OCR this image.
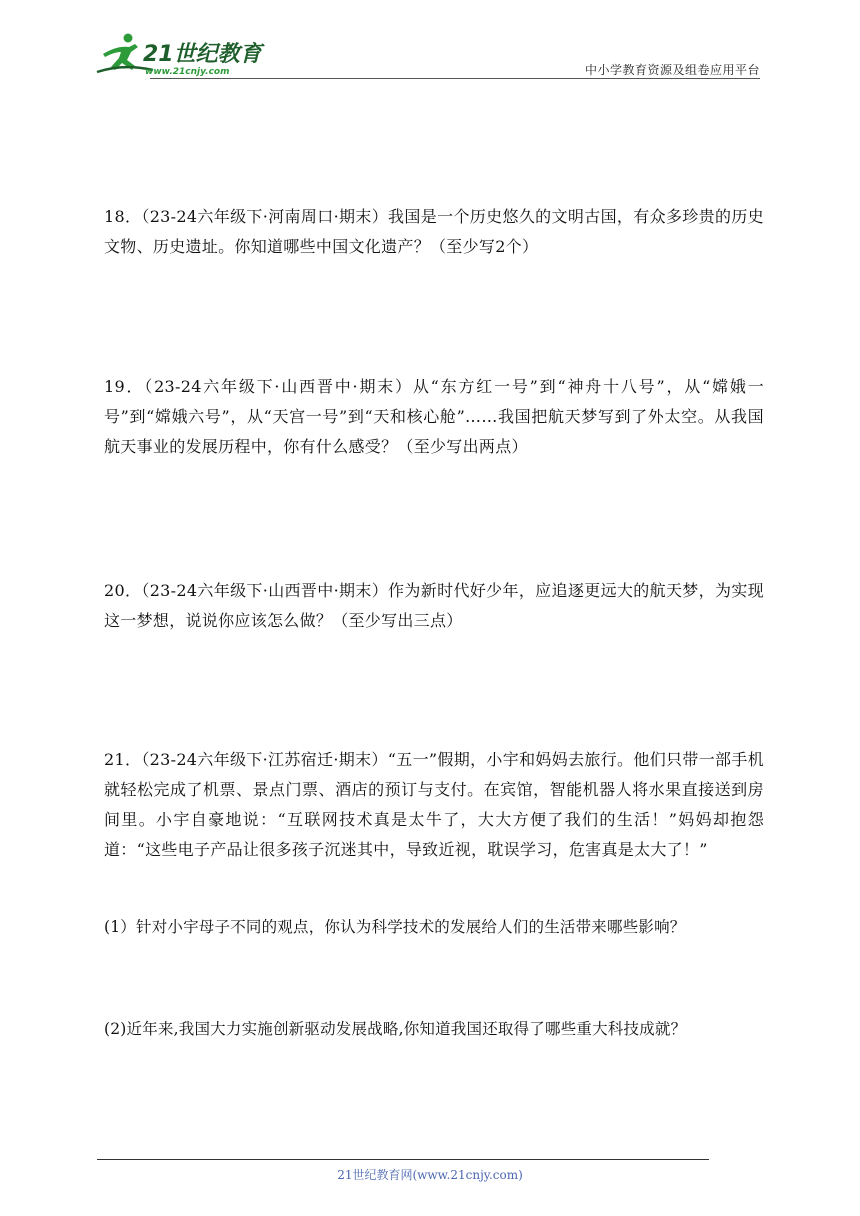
21世纪教育
www.21cnjy.com	中小学教育资源及组卷应用平台

18．（23-24六年级下·河南周口·期末）我国是一个历史悠久的文明古国，有众多珍贵的历史文物、历史遗址。你知道哪些中国文化遗产？（至少写2个）

19．（23-24六年级下·山西晋中·期末）从“东方红一号”到“神舟十八号”，从“嫦娥一号”到“嫦娥六号”，从“天宫一号”到“天和核心舱”……我国把航天梦写到了外太空。从我国航天事业的发展历程中，你有什么感受？（至少写出两点）

20．（23-24六年级下·山西晋中·期末）作为新时代好少年，应追逐更远大的航天梦，为实现这一梦想，说说你应该怎么做？（至少写出三点）

21．（23-24六年级下·江苏宿迁·期末）“五一”假期，小宇和妈妈去旅行。他们只带一部手机就轻松完成了机票、景点门票、酒店的预订与支付。在宾馆，智能机器人将水果直接送到房间里。小宇自豪地说：“互联网技术真是太牛了，大大方便了我们的生活！”妈妈却抱怨道：“这些电子产品让很多孩子沉迷其中，导致近视，耽误学习，危害真是太大了！”

(1）针对小宇母子不同的观点，你认为科学技术的发展给人们的生活带来哪些影响？
(2)近年来,我国大力实施创新驱动发展战略,你知道我国还取得了哪些重大科技成就？
21世纪教育网(www.21cnjy.com)
